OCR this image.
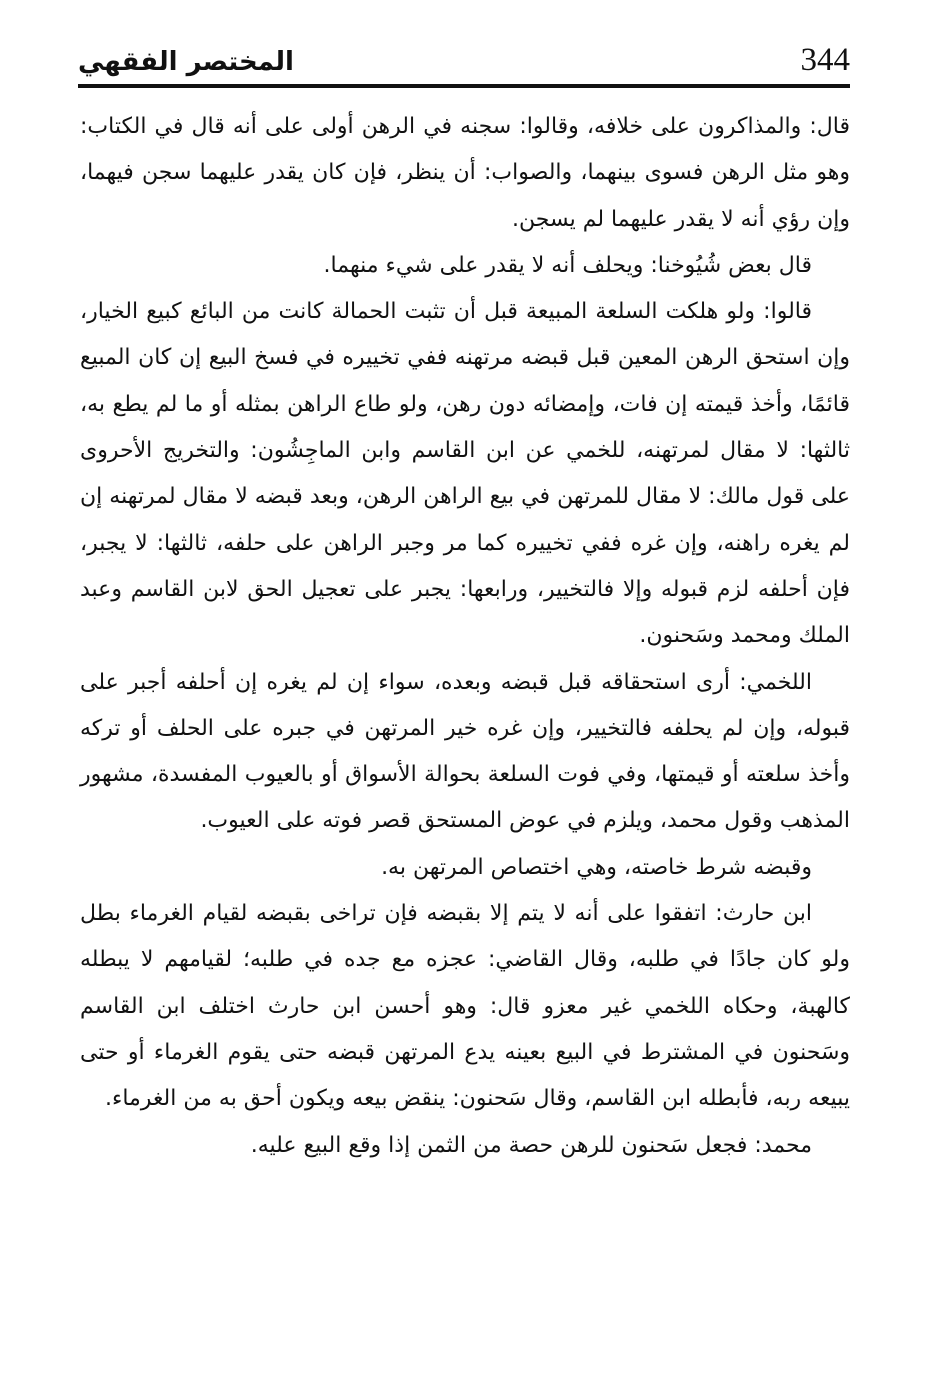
344
المختصر الفقهي

قال: والمذاكرون على خلافه، وقالوا: سجنه في الرهن أولى على أنه قال في الكتاب: وهو مثل الرهن فسوى بينهما، والصواب: أن ينظر، فإن كان يقدر عليهما سجن فيهما، وإن رؤي أنه لا يقدر عليهما لم يسجن.

قال بعض شُيُوخنا: ويحلف أنه لا يقدر على شيء منهما.

قالوا: ولو هلكت السلعة المبيعة قبل أن تثبت الحمالة كانت من البائع كبيع الخيار، وإن استحق الرهن المعين قبل قبضه مرتهنه ففي تخييره في فسخ البيع إن كان المبيع قائمًا، وأخذ قيمته إن فات، وإمضائه دون رهن، ولو طاع الراهن بمثله أو ما لم يطع به، ثالثها: لا مقال لمرتهنه، للخمي عن ابن القاسم وابن الماجِشُون: والتخريج الأحروى على قول مالك: لا مقال للمرتهن في بيع الراهن الرهن، وبعد قبضه لا مقال لمرتهنه إن لم يغره راهنه، وإن غره ففي تخييره كما مر وجبر الراهن على حلفه، ثالثها: لا يجبر، فإن أحلفه لزم قبوله وإلا فالتخيير، ورابعها: يجبر على تعجيل الحق لابن القاسم وعبد الملك ومحمد وسَحنون.

اللخمي: أرى استحقاقه قبل قبضه وبعده، سواء إن لم يغره إن أحلفه أجبر على قبوله، وإن لم يحلفه فالتخيير، وإن غره خير المرتهن في جبره على الحلف أو تركه وأخذ سلعته أو قيمتها، وفي فوت السلعة بحوالة الأسواق أو بالعيوب المفسدة، مشهور المذهب وقول محمد، ويلزم في عوض المستحق قصر فوته على العيوب.

وقبضه شرط خاصته، وهي اختصاص المرتهن به.

ابن حارث: اتفقوا على أنه لا يتم إلا بقبضه فإن تراخى بقبضه لقيام الغرماء بطل ولو كان جادًا في طلبه، وقال القاضي: عجزه مع جده في طلبه؛ لقيامهم لا يبطله كالهبة، وحكاه اللخمي غير معزو قال: وهو أحسن ابن حارث اختلف ابن القاسم وسَحنون في المشترط في البيع بعينه يدع المرتهن قبضه حتى يقوم الغرماء أو حتى يبيعه ربه، فأبطله ابن القاسم، وقال سَحنون: ينقض بيعه ويكون أحق به من الغرماء.

محمد: فجعل سَحنون للرهن حصة من الثمن إذا وقع البيع عليه.
